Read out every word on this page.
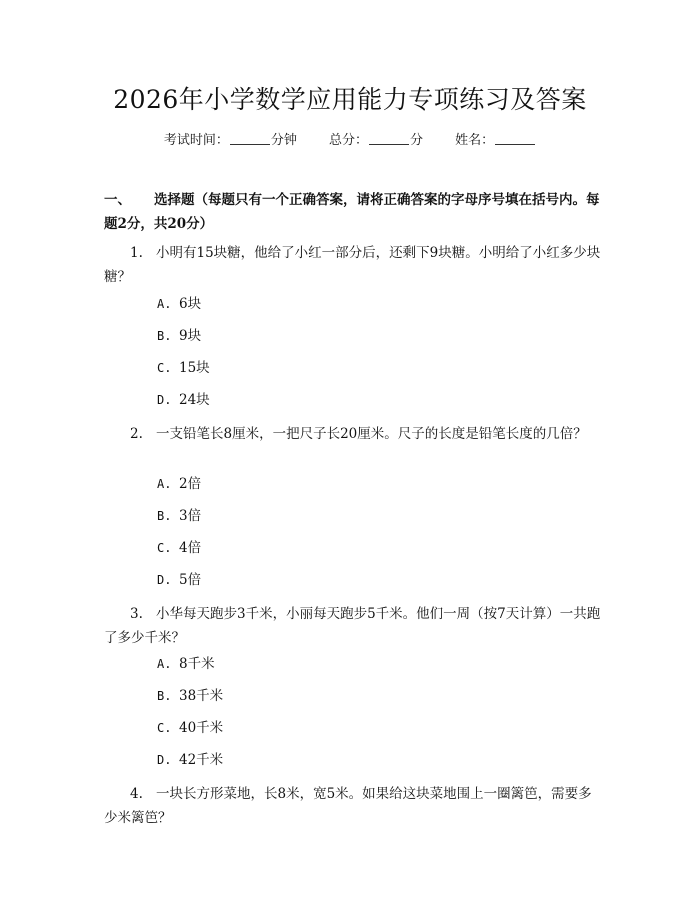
2026年小学数学应用能力专项练习及答案
考试时间：	分钟 总分：	分 姓名：
一、 选择题（每题只有一个正确答案，请将正确答案的字母序号填在括号内。每题2分，共20分）
1. 小明有15块糖，他给了小红一部分后，还剩下9块糖。小明给了小红多少块糖？
A. 6块
B. 9块
C. 15块
D. 24块
2. 一支铅笔长8厘米，一把尺子长20厘米。尺子的长度是铅笔长度的几倍？
A. 2倍
B. 3倍
C. 4倍
D. 5倍
3. 小华每天跑步3千米，小丽每天跑步5千米。他们一周（按7天计算）一共跑了多少千米？
A. 8千米
B. 38千米
C. 40千米
D. 42千米
4. 一块长方形菜地，长8米，宽5米。如果给这块菜地围上一圈篱笆，需要多少米篱笆？
